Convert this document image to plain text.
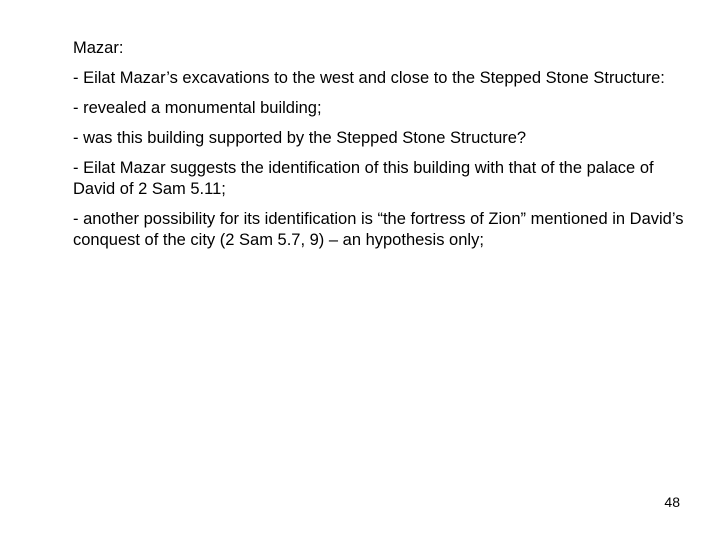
Mazar:
- Eilat Mazar’s excavations to the west and close to the Stepped Stone Structure:
- revealed a monumental building;
- was this building supported by the Stepped Stone Structure?
- Eilat Mazar suggests the identification of this building with that of the palace of David of 2 Sam 5.11;
- another possibility for its identification is “the fortress of Zion” mentioned in David’s conquest of the city (2 Sam 5.7, 9) – an hypothesis only;
48
